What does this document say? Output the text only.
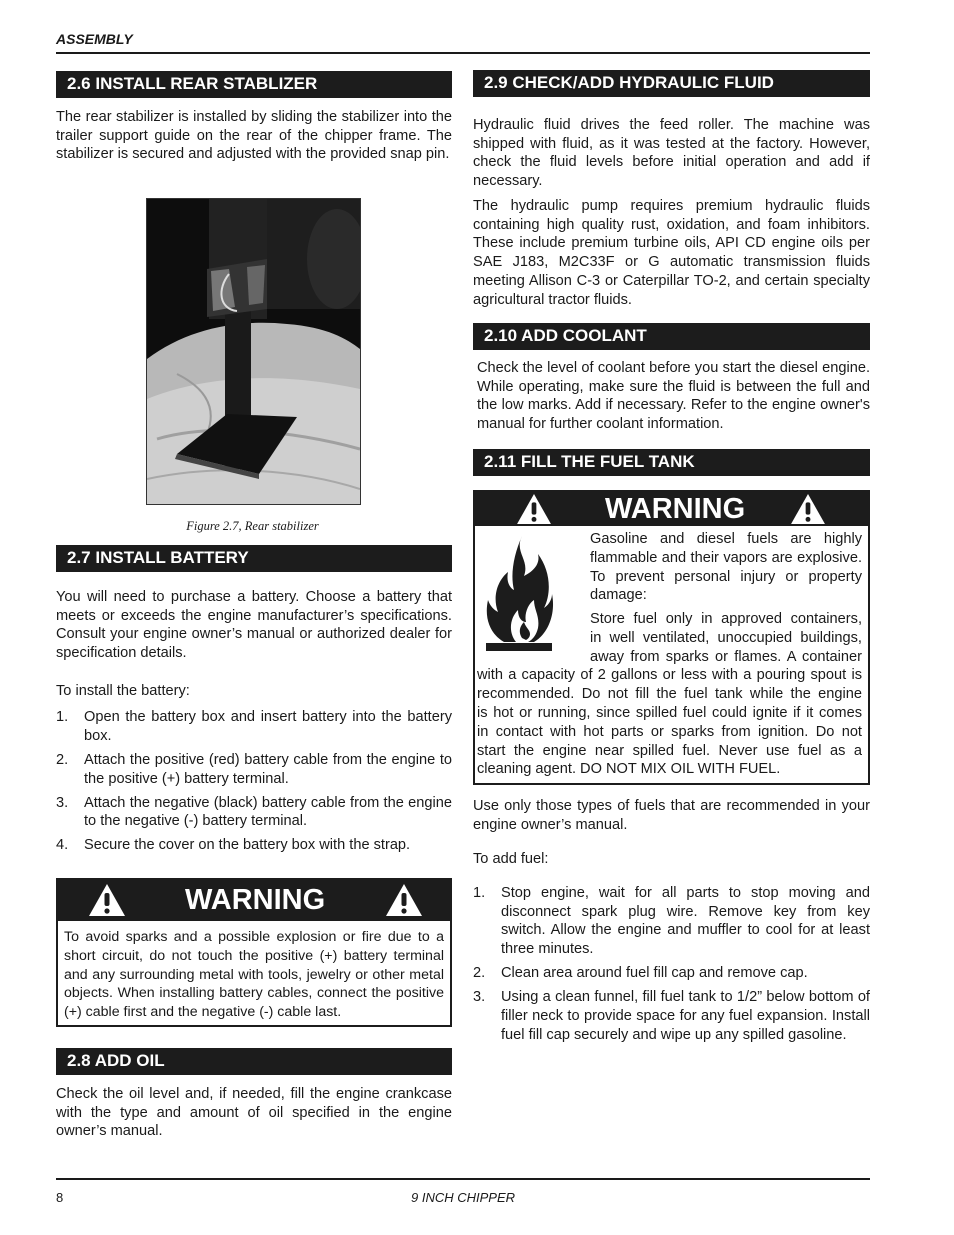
ASSEMBLY
2.6 INSTALL REAR STABLIZER
The rear stabilizer is installed by sliding the stabilizer into the trailer support guide on the rear of the chipper frame. The stabilizer is secured and adjusted with the provided snap pin.
Figure 2.7, Rear stabilizer
2.7 INSTALL BATTERY
You will need to purchase a battery. Choose a battery that meets or exceeds the engine manufacturer’s specifications. Consult your engine owner’s manual or authorized dealer for specification details.
To install the battery:
1. Open the battery box and insert battery into the battery box.
2. Attach the positive (red) battery cable from the engine to the positive (+) battery terminal.
3. Attach the negative (black) battery cable from the engine to the negative (-) battery terminal.
4. Secure the cover on the battery box with the strap.
WARNING
To avoid sparks and a possible explosion or fire due to a short circuit, do not touch the positive (+) battery terminal and any surrounding metal with tools, jewelry or other metal objects. When installing battery cables, connect the positive (+) cable first and the negative (-) cable last.
2.8 ADD OIL
Check the oil level and, if needed, fill the engine crankcase with the type and amount of oil specified in the engine owner’s manual.
2.9 CHECK/ADD HYDRAULIC FLUID
Hydraulic fluid drives the feed roller. The machine was shipped with fluid, as it was tested at the factory. However, check the fluid levels before initial operation and add if necessary.
The hydraulic pump requires premium hydraulic fluids containing high quality rust, oxidation, and foam inhibitors. These include premium turbine oils, API CD engine oils per SAE J183, M2C33F or G automatic transmission fluids meeting Allison C-3 or Caterpillar TO-2, and certain specialty agricultural tractor fluids.
2.10 ADD COOLANT
Check the level of coolant before you start the diesel engine. While operating, make sure the fluid is between the full and the low marks. Add if necessary. Refer to the engine owner's manual for further coolant information.
2.11 FILL THE FUEL TANK
WARNING
Gasoline and diesel fuels are highly flammable and their vapors are explosive. To prevent personal injury or property damage:
Store fuel only in approved containers,
in well ventilated, unoccupied buildings,
away from sparks or flames. A container
with a capacity of 2 gallons or less with a pouring spout is
recommended. Do not fill the fuel tank while the engine
is hot or running, since spilled fuel could ignite if it comes
in contact with hot parts or sparks from ignition. Do not
start the engine near spilled fuel. Never use fuel as a
cleaning agent. DO NOT MIX OIL WITH FUEL.
Use only those types of fuels that are recommended in your engine owner’s manual.
To add fuel:
1. Stop engine, wait for all parts to stop moving and disconnect spark plug wire. Remove key from key switch. Allow the engine and muffler to cool for at least three minutes.
2. Clean area around fuel fill cap and remove cap.
3. Using a clean funnel, fill fuel tank to 1/2” below bottom of filler neck to provide space for any fuel expansion. Install fuel fill cap securely and wipe up any spilled gasoline.
8	9 INCH CHIPPER
